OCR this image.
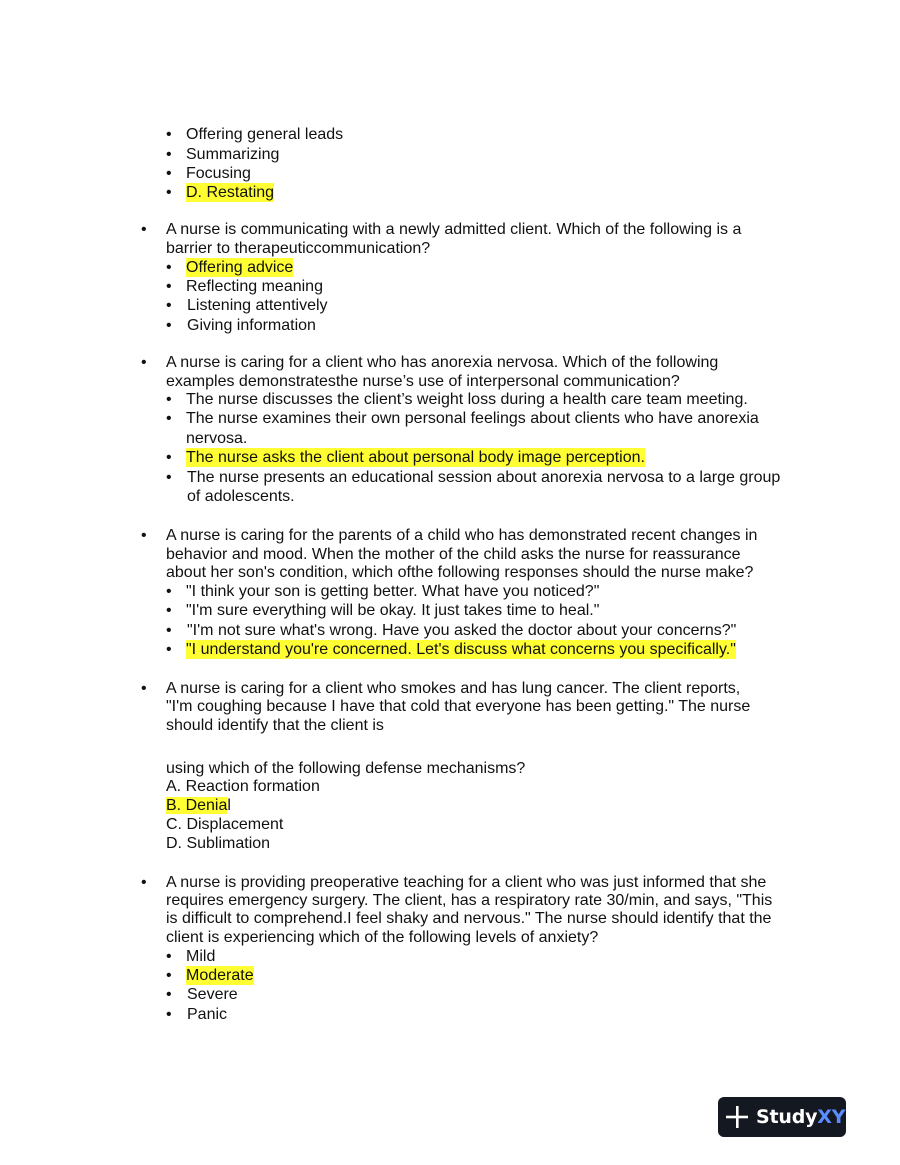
• Offering general leads
• Summarizing
• Focusing
• D. Restating
•	A nurse is communicating with a newly admitted client. Which of the following is a
barrier to therapeuticcommunication?
• Offering advice
• Reflecting meaning
• Listening attentively
• Giving information
•	A nurse is caring for a client who has anorexia nervosa. Which of the following
examples demonstratesthe nurse’s use of interpersonal communication?
• The nurse discusses the client’s weight loss during a health care team meeting.
• The nurse examines their own personal feelings about clients who have anorexia
nervosa.
• The nurse asks the client about personal body image perception.
• The nurse presents an educational session about anorexia nervosa to a large group
of adolescents.
•	A nurse is caring for the parents of a child who has demonstrated recent changes in
behavior and mood. When the mother of the child asks the nurse for reassurance
about her son's condition, which ofthe following responses should the nurse make?
• "I think your son is getting better. What have you noticed?"
• "I'm sure everything will be okay. It just takes time to heal."
• "I'm not sure what's wrong. Have you asked the doctor about your concerns?"
• "I understand you're concerned. Let's discuss what concerns you specifically."
•	A nurse is caring for a client who smokes and has lung cancer. The client reports,
"I'm coughing because I have that cold that everyone has been getting." The nurse
should identify that the client is
using which of the following defense mechanisms?
A. Reaction formation
B. Denial
C. Displacement
D. Sublimation
•	A nurse is providing preoperative teaching for a client who was just informed that she
requires emergency surgery. The client, has a respiratory rate 30/min, and says, "This
is difficult to comprehend.I feel shaky and nervous." The nurse should identify that the
client is experiencing which of the following levels of anxiety?
• Mild
• Moderate
• Severe
• Panic
StudyXY
